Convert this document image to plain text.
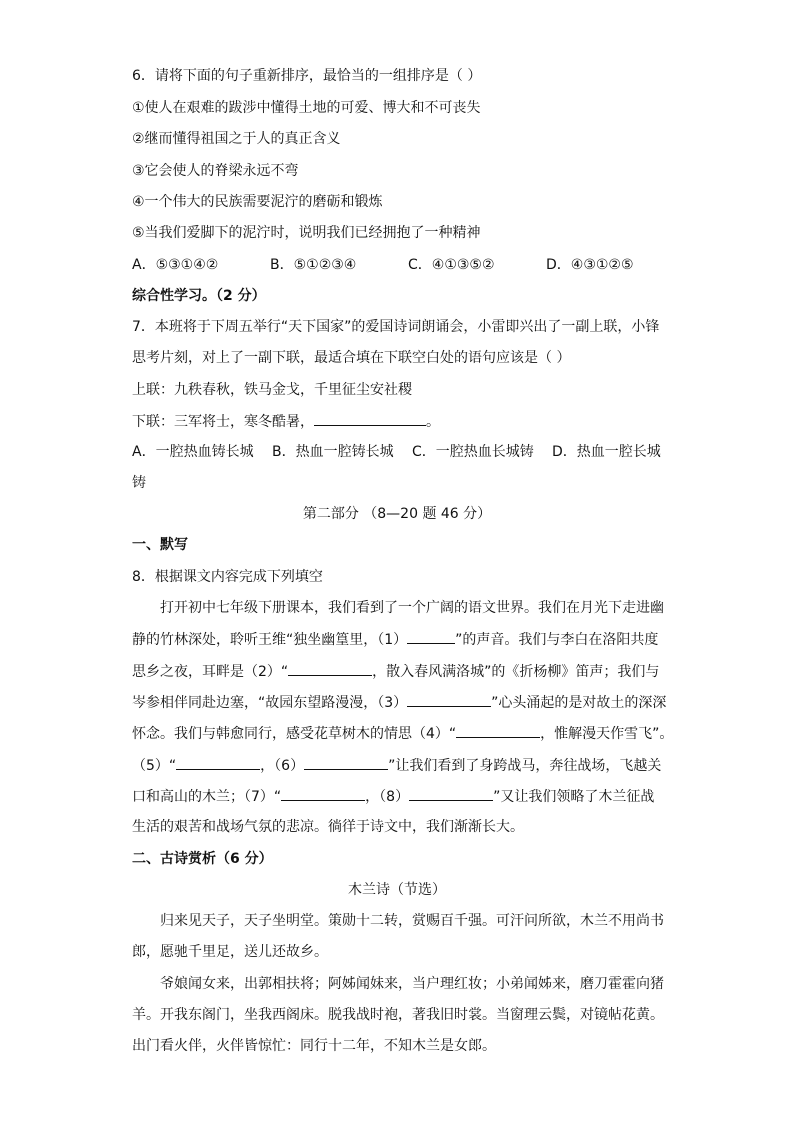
6．请将下面的句子重新排序，最恰当的一组排序是（ ）
①使人在艰难的跋涉中懂得土地的可爱、博大和不可丧失
②继而懂得祖国之于人的真正含义
③它会使人的脊梁永远不弯
④一个伟大的民族需要泥泞的磨砺和锻炼
⑤当我们爱脚下的泥泞时，说明我们已经拥抱了一种精神
A．⑤③①④②	B．⑤①②③④	C．④①③⑤②	D．④③①②⑤
综合性学习。（2 分）
7．本班将于下周五举行“天下国家”的爱国诗词朗诵会，小雷即兴出了一副上联，小锋
思考片刻，对上了一副下联，最适合填在下联空白处的语句应该是（ ）
上联：九秩春秋，铁马金戈，千里征尘安社稷
下联：三军将士，寒冬酷暑，	。
A．一腔热血铸长城 B．热血一腔铸长城 C．一腔热血长城铸 D．热血一腔长城
铸
第二部分 （8—20 题 46 分）
一、默写
8．根据课文内容完成下列填空
打开初中七年级下册课本，我们看到了一个广阔的语文世界。我们在月光下走进幽
静的竹林深处，聆听王维“独坐幽篁里，（1）	”的声音。我们与李白在洛阳共度
思乡之夜，耳畔是（2）“	，散入春风满洛城”的《折杨柳》笛声；我们与
岑参相伴同赴边塞，“故园东望路漫漫，（3）	”心头涌起的是对故土的深深
怀念。我们与韩愈同行，感受花草树木的情思（4）“	，惟解漫天作雪飞”。
（5）“	，（6）	”让我们看到了身跨战马，奔往战场，飞越关
口和高山的木兰；（7）“	，（8）	”又让我们领略了木兰征战
生活的艰苦和战场气氛的悲凉。徜徉于诗文中，我们渐渐长大。
二、古诗赏析（6 分）
木兰诗（节选）
归来见天子，天子坐明堂。策勋十二转，赏赐百千强。可汗问所欲，木兰不用尚书
郎，愿驰千里足，送儿还故乡。
爷娘闻女来，出郭相扶将；阿姊闻妹来，当户理红妆；小弟闻姊来，磨刀霍霍向猪
羊。开我东阁门，坐我西阁床。脱我战时袍，著我旧时裳。当窗理云鬓，对镜帖花黄。
出门看火伴，火伴皆惊忙：同行十二年，不知木兰是女郎。
